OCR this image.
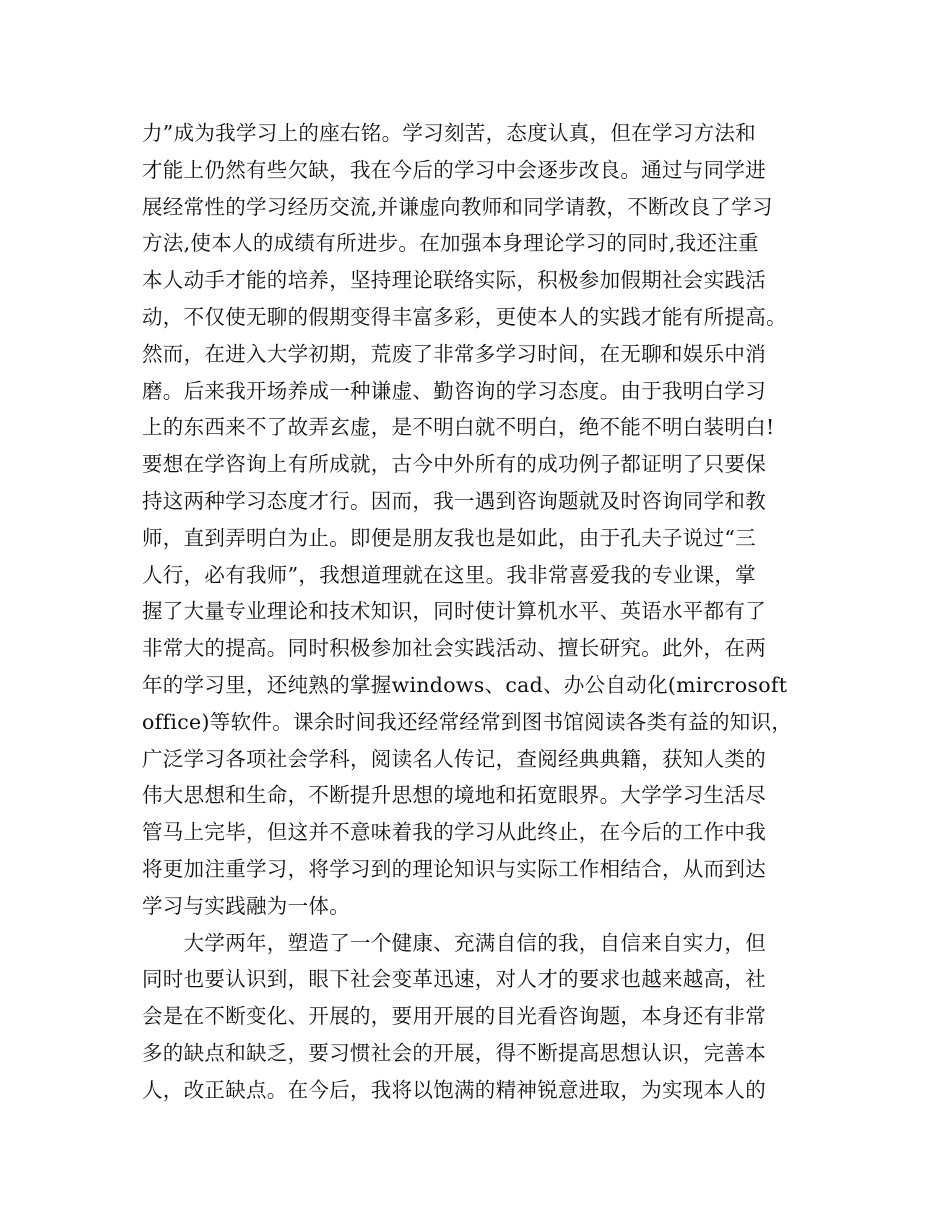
力”成为我学习上的座右铭。学习刻苦，态度认真，但在学习方法和
才能上仍然有些欠缺，我在今后的学习中会逐步改良。通过与同学进
展经常性的学习经历交流,并谦虚向教师和同学请教，不断改良了学习
方法,使本人的成绩有所进步。在加强本身理论学习的同时,我还注重
本人动手才能的培养，坚持理论联络实际，积极参加假期社会实践活
动，不仅使无聊的假期变得丰富多彩，更使本人的实践才能有所提高。
然而，在进入大学初期，荒废了非常多学习时间，在无聊和娱乐中消
磨。后来我开场养成一种谦虚、勤咨询的学习态度。由于我明白学习
上的东西来不了故弄玄虚，是不明白就不明白，绝不能不明白装明白!
要想在学咨询上有所成就，古今中外所有的成功例子都证明了只要保
持这两种学习态度才行。因而，我一遇到咨询题就及时咨询同学和教
师，直到弄明白为止。即便是朋友我也是如此，由于孔夫子说过“三
人行，必有我师”，我想道理就在这里。我非常喜爱我的专业课，掌
握了大量专业理论和技术知识，同时使计算机水平、英语水平都有了
非常大的提高。同时积极参加社会实践活动、擅长研究。此外，在两
年的学习里，还纯熟的掌握windows、cad、办公自动化(mircrosoft
office)等软件。课余时间我还经常经常到图书馆阅读各类有益的知识，
广泛学习各项社会学科，阅读名人传记，查阅经典典籍，获知人类的
伟大思想和生命，不断提升思想的境地和拓宽眼界。大学学习生活尽
管马上完毕，但这并不意味着我的学习从此终止，在今后的工作中我
将更加注重学习，将学习到的理论知识与实际工作相结合，从而到达
学习与实践融为一体。
　　大学两年，塑造了一个健康、充满自信的我，自信来自实力，但
同时也要认识到，眼下社会变革迅速，对人才的要求也越来越高，社
会是在不断变化、开展的，要用开展的目光看咨询题，本身还有非常
多的缺点和缺乏，要习惯社会的开展，得不断提高思想认识，完善本
人，改正缺点。在今后，我将以饱满的精神锐意进取，为实现本人的
